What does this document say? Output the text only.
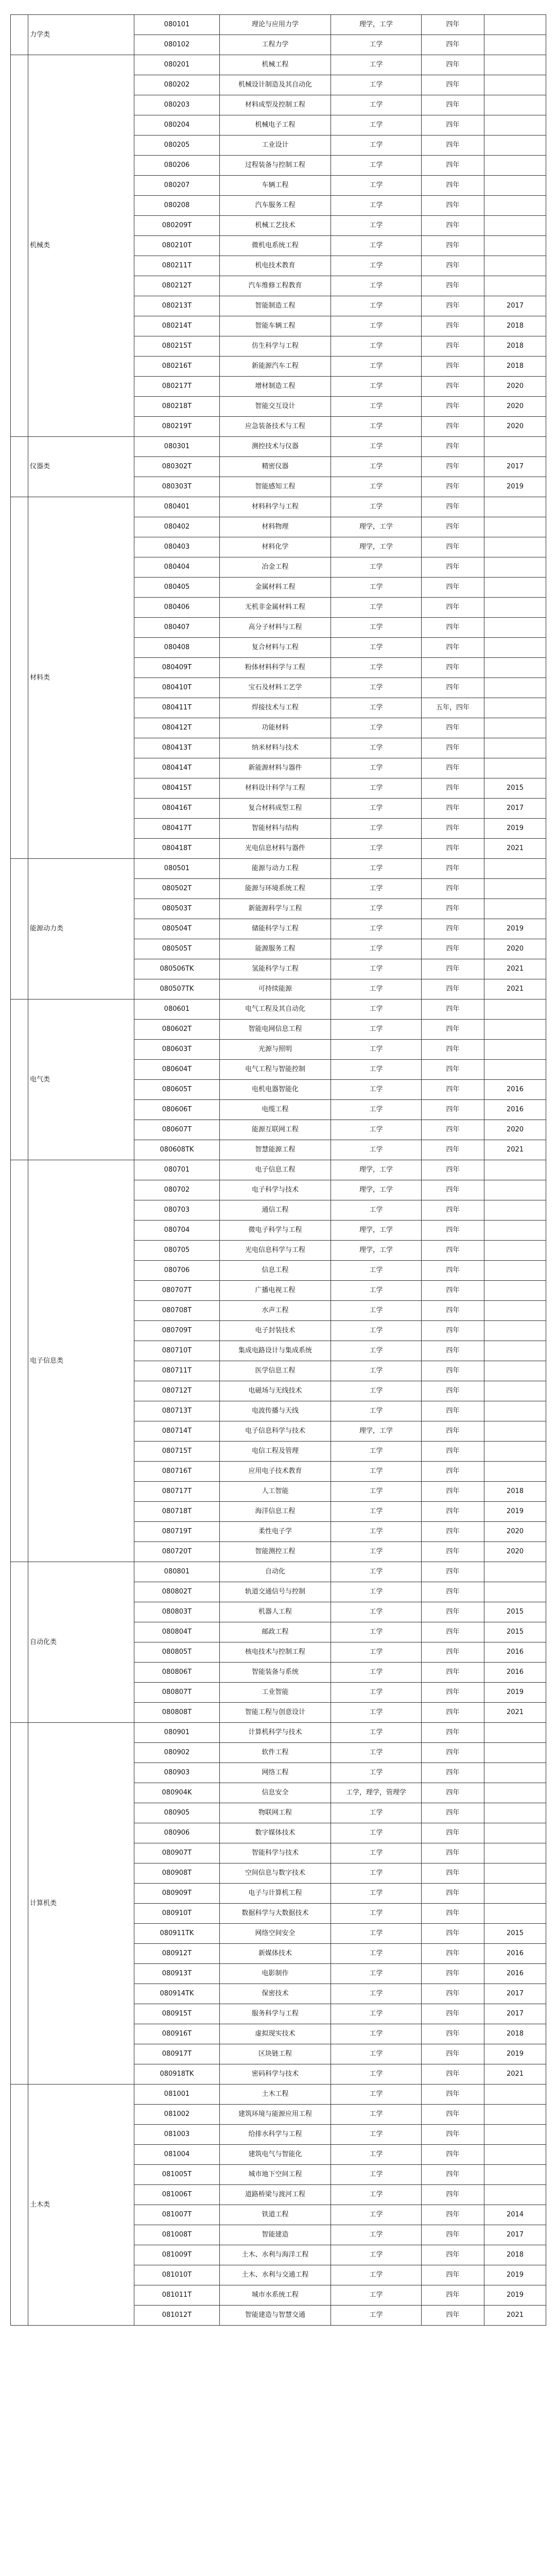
	力学类	080101	理论与应用力学	理学，工学	四年	
		080102	工程力学	工学	四年	
	机械类	080201	机械工程	工学	四年	
		080202	机械设计制造及其自动化	工学	四年	
		080203	材料成型及控制工程	工学	四年	
		080204	机械电子工程	工学	四年	
		080205	工业设计	工学	四年	
		080206	过程装备与控制工程	工学	四年	
		080207	车辆工程	工学	四年	
		080208	汽车服务工程	工学	四年	
		080209T	机械工艺技术	工学	四年	
		080210T	微机电系统工程	工学	四年	
		080211T	机电技术教育	工学	四年	
		080212T	汽车维修工程教育	工学	四年	
		080213T	智能制造工程	工学	四年	2017
		080214T	智能车辆工程	工学	四年	2018
		080215T	仿生科学与工程	工学	四年	2018
		080216T	新能源汽车工程	工学	四年	2018
		080217T	增材制造工程	工学	四年	2020
		080218T	智能交互设计	工学	四年	2020
		080219T	应急装备技术与工程	工学	四年	2020
	仪器类	080301	测控技术与仪器	工学	四年	
		080302T	精密仪器	工学	四年	2017
		080303T	智能感知工程	工学	四年	2019
	材料类	080401	材料科学与工程	工学	四年	
		080402	材料物理	理学，工学	四年	
		080403	材料化学	理学，工学	四年	
		080404	冶金工程	工学	四年	
		080405	金属材料工程	工学	四年	
		080406	无机非金属材料工程	工学	四年	
		080407	高分子材料与工程	工学	四年	
		080408	复合材料与工程	工学	四年	
		080409T	粉体材料科学与工程	工学	四年	
		080410T	宝石及材料工艺学	工学	四年	
		080411T	焊接技术与工程	工学	五年，四年	
		080412T	功能材料	工学	四年	
		080413T	纳米材料与技术	工学	四年	
		080414T	新能源材料与器件	工学	四年	
		080415T	材料设计科学与工程	工学	四年	2015
		080416T	复合材料成型工程	工学	四年	2017
		080417T	智能材料与结构	工学	四年	2019
		080418T	光电信息材料与器件	工学	四年	2021
	能源动力类	080501	能源与动力工程	工学	四年	
		080502T	能源与环境系统工程	工学	四年	
		080503T	新能源科学与工程	工学	四年	
		080504T	储能科学与工程	工学	四年	2019
		080505T	能源服务工程	工学	四年	2020
		080506TK	氢能科学与工程	工学	四年	2021
		080507TK	可持续能源	工学	四年	2021
	电气类	080601	电气工程及其自动化	工学	四年	
		080602T	智能电网信息工程	工学	四年	
		080603T	光源与照明	工学	四年	
		080604T	电气工程与智能控制	工学	四年	
		080605T	电机电器智能化	工学	四年	2016
		080606T	电缆工程	工学	四年	2016
		080607T	能源互联网工程	工学	四年	2020
		080608TK	智慧能源工程	工学	四年	2021
	电子信息类	080701	电子信息工程	理学，工学	四年	
		080702	电子科学与技术	理学，工学	四年	
		080703	通信工程	工学	四年	
		080704	微电子科学与工程	理学，工学	四年	
		080705	光电信息科学与工程	理学，工学	四年	
		080706	信息工程	工学	四年	
		080707T	广播电视工程	工学	四年	
		080708T	水声工程	工学	四年	
		080709T	电子封装技术	工学	四年	
		080710T	集成电路设计与集成系统	工学	四年	
		080711T	医学信息工程	工学	四年	
		080712T	电磁场与无线技术	工学	四年	
		080713T	电波传播与天线	工学	四年	
		080714T	电子信息科学与技术	理学，工学	四年	
		080715T	电信工程及管理	工学	四年	
		080716T	应用电子技术教育	工学	四年	
		080717T	人工智能	工学	四年	2018
		080718T	海洋信息工程	工学	四年	2019
		080719T	柔性电子学	工学	四年	2020
		080720T	智能测控工程	工学	四年	2020
	自动化类	080801	自动化	工学	四年	
		080802T	轨道交通信号与控制	工学	四年	
		080803T	机器人工程	工学	四年	2015
		080804T	邮政工程	工学	四年	2015
		080805T	核电技术与控制工程	工学	四年	2016
		080806T	智能装备与系统	工学	四年	2016
		080807T	工业智能	工学	四年	2019
		080808T	智能工程与创意设计	工学	四年	2021
	计算机类	080901	计算机科学与技术	工学	四年	
		080902	软件工程	工学	四年	
		080903	网络工程	工学	四年	
		080904K	信息安全	工学，理学，管理学	四年	
		080905	物联网工程	工学	四年	
		080906	数字媒体技术	工学	四年	
		080907T	智能科学与技术	工学	四年	
		080908T	空间信息与数字技术	工学	四年	
		080909T	电子与计算机工程	工学	四年	
		080910T	数据科学与大数据技术	工学	四年	
		080911TK	网络空间安全	工学	四年	2015
		080912T	新媒体技术	工学	四年	2016
		080913T	电影制作	工学	四年	2016
		080914TK	保密技术	工学	四年	2017
		080915T	服务科学与工程	工学	四年	2017
		080916T	虚拟现实技术	工学	四年	2018
		080917T	区块链工程	工学	四年	2019
		080918TK	密码科学与技术	工学	四年	2021
	土木类	081001	土木工程	工学	四年	
		081002	建筑环境与能源应用工程	工学	四年	
		081003	给排水科学与工程	工学	四年	
		081004	建筑电气与智能化	工学	四年	
		081005T	城市地下空间工程	工学	四年	
		081006T	道路桥梁与渡河工程	工学	四年	
		081007T	铁道工程	工学	四年	2014
		081008T	智能建造	工学	四年	2017
		081009T	土木、水利与海洋工程	工学	四年	2018
		081010T	土木、水利与交通工程	工学	四年	2019
		081011T	城市水系统工程	工学	四年	2019
		081012T	智能建造与智慧交通	工学	四年	2021
